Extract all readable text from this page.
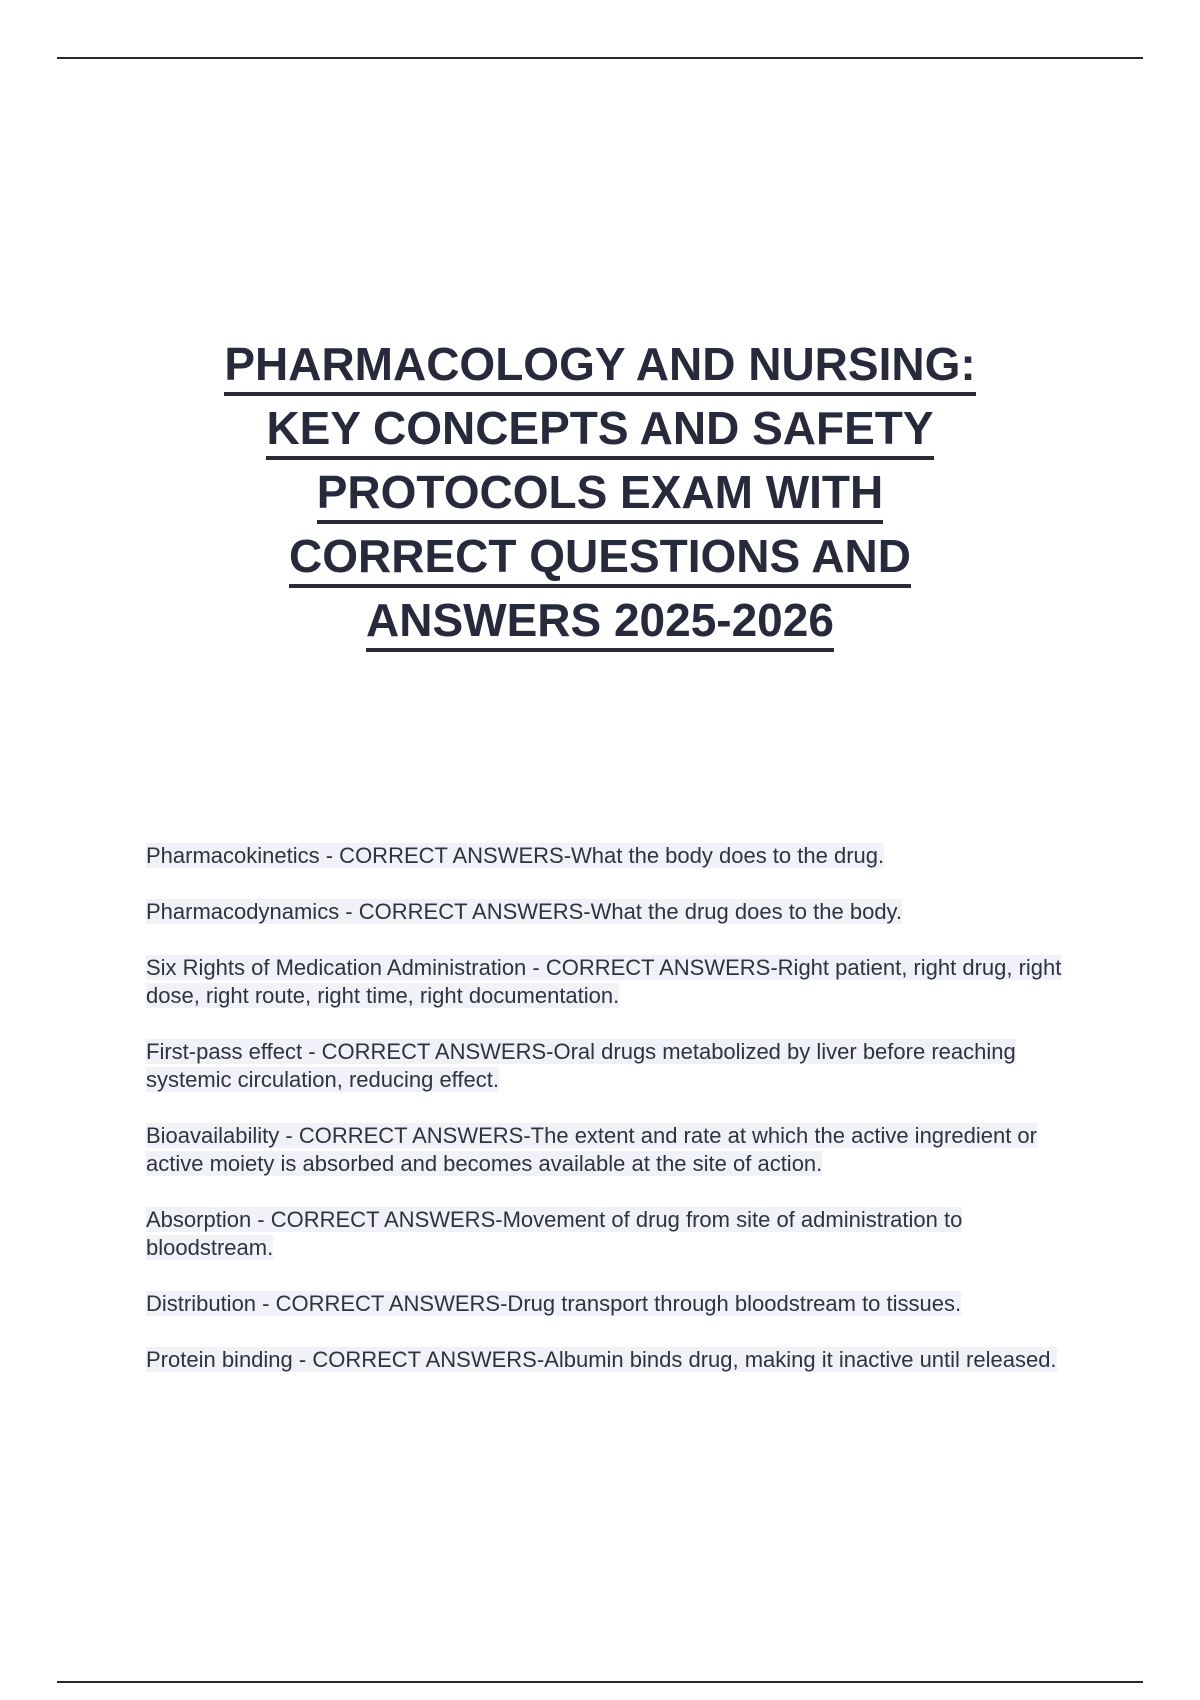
PHARMACOLOGY AND NURSING:
KEY CONCEPTS AND SAFETY
PROTOCOLS EXAM WITH
CORRECT QUESTIONS AND
ANSWERS 2025-2026
Pharmacokinetics - CORRECT ANSWERS-What the body does to the drug.
Pharmacodynamics - CORRECT ANSWERS-What the drug does to the body.
Six Rights of Medication Administration - CORRECT ANSWERS-Right patient, right drug, right dose, right route, right time, right documentation.
First-pass effect - CORRECT ANSWERS-Oral drugs metabolized by liver before reaching systemic circulation, reducing effect.
Bioavailability - CORRECT ANSWERS-The extent and rate at which the active ingredient or active moiety is absorbed and becomes available at the site of action.
Absorption - CORRECT ANSWERS-Movement of drug from site of administration to bloodstream.
Distribution - CORRECT ANSWERS-Drug transport through bloodstream to tissues.
Protein binding - CORRECT ANSWERS-Albumin binds drug, making it inactive until released.
